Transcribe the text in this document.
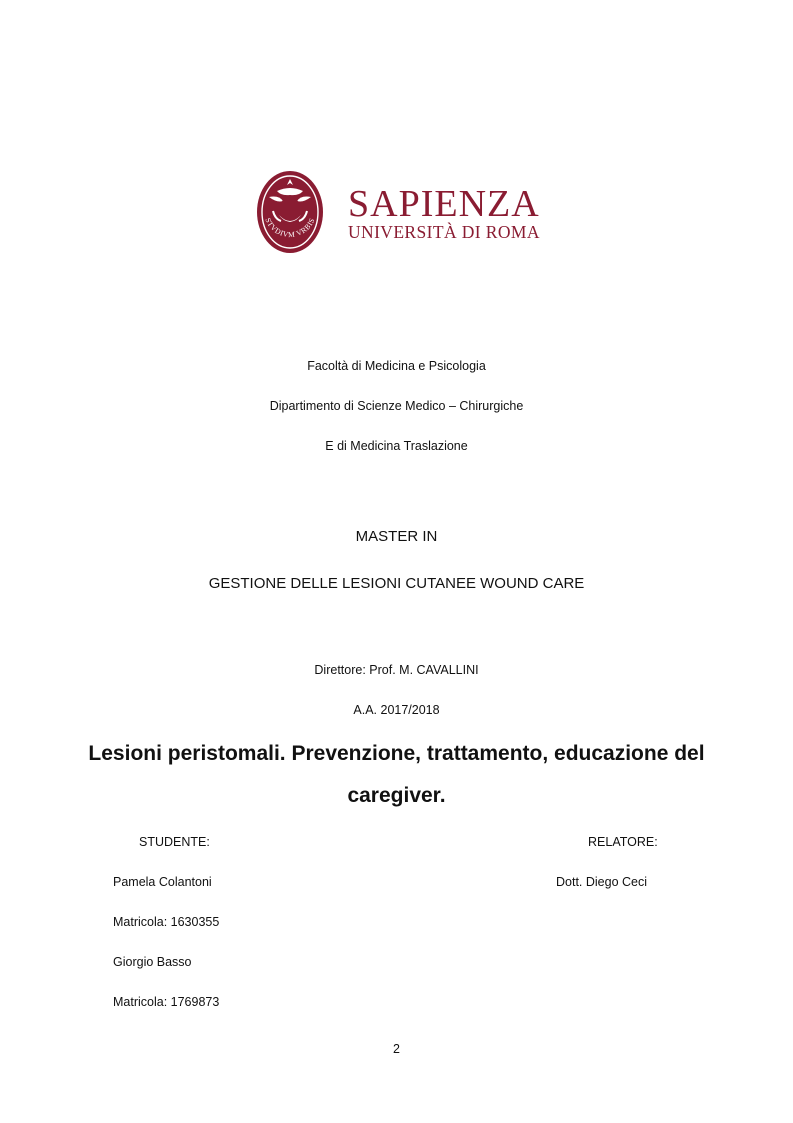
STVDIVM VRBIS SAPIENZA
UNIVERSITÀ DI ROMA
Facoltà di Medicina e Psicologia
Dipartimento di Scienze Medico – Chirurgiche
E di Medicina Traslazione
MASTER IN
GESTIONE DELLE LESIONI CUTANEE WOUND CARE
Direttore: Prof. M. CAVALLINI
A.A. 2017/2018
Lesioni peristomali. Prevenzione, trattamento, educazione del
caregiver.
STUDENTE:	RELATORE:
Pamela Colantoni	Dott. Diego Ceci
Matricola: 1630355
Giorgio Basso
Matricola: 1769873
2
